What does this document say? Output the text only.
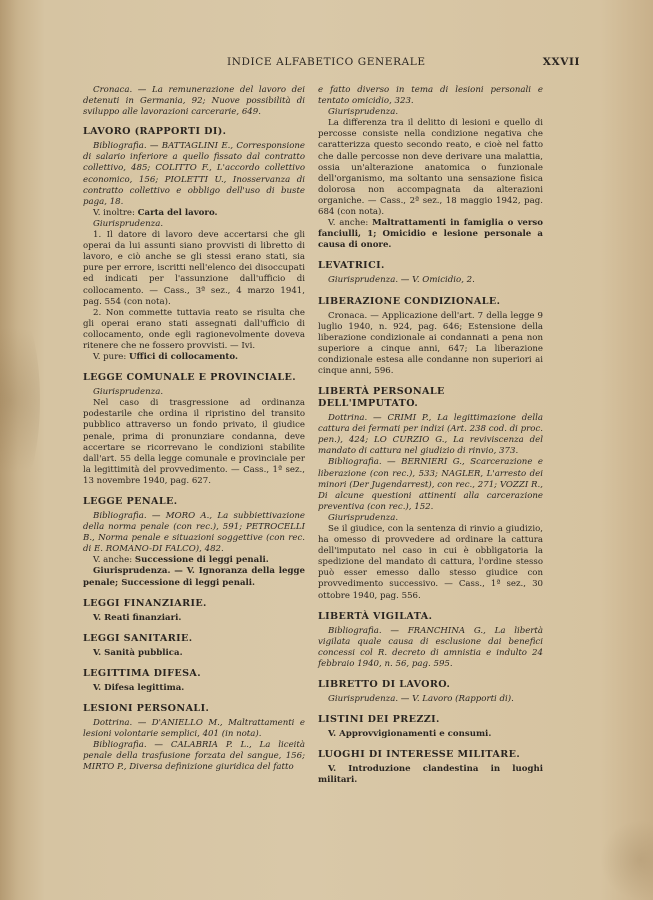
INDICE ALFABETICO GENERALE	XXVII

Cronaca. — La remunerazione del lavoro dei detenuti in Germania, 92; Nuove possibilità di sviluppo alle lavorazioni carcerarie, 649.

LAVORO (RAPPORTI DI).

Bibliografia. — BATTAGLINI E., Corresponsione di salario inferiore a quello fissato dal contratto collettivo, 485; COLITTO F., L'accordo collettivo economico, 156; PIOLETTI U., Inosservanza di contratto collettivo e obbligo dell'uso di buste paga, 18.

V. inoltre: Carta del lavoro.

Giurisprudenza.

1. Il datore di lavoro deve accertarsi che gli operai da lui assunti siano provvisti di libretto di lavoro, e ciò anche se gli stessi erano stati, sia pure per errore, iscritti nell'elenco dei disoccupati ed indicati per l'assunzione dall'ufficio di collocamento. — Cass., 3ª sez., 4 marzo 1941, pag. 554 (con nota).

2. Non commette tuttavia reato se risulta che gli operai erano stati assegnati dall'ufficio di collocamento, onde egli ragionevolmente doveva ritenere che ne fossero provvisti. — Ivi.

V. pure: Uffici di collocamento.

LEGGE COMUNALE E PROVINCIALE.

Giurisprudenza.

Nel caso di trasgressione ad ordinanza podestarile che ordina il ripristino del transito pubblico attraverso un fondo privato, il giudice penale, prima di pronunziare condanna, deve accertare se ricorrevano le condizioni stabilite dall'art. 55 della legge comunale e provinciale per la legittimità del provvedimento. — Cass., 1ª sez., 13 novembre 1940, pag. 627.

LEGGE PENALE.

Bibliografia. — MORO A., La subbiettivazione della norma penale (con rec.), 591; PETROCELLI B., Norma penale e situazioni soggettive (con rec. di E. ROMANO-DI FALCO), 482.

V. anche: Successione di leggi penali.

Giurisprudenza. — V. Ignoranza della legge penale; Successione di leggi penali.

LEGGI FINANZIARIE.

V. Reati finanziari.

LEGGI SANITARIE.

V. Sanità pubblica.

LEGITTIMA DIFESA.

V. Difesa legittima.

LESIONI PERSONALI.

Dottrina. — D'ANIELLO M., Maltrattamenti e lesioni volontarie semplici, 401 (in nota).

Bibliografia. — CALABRIA P. L., La liceità penale della trasfusione forzata del sangue, 156; MIRTO P., Diversa definizione giuridica del fatto

e fatto diverso in tema di lesioni personali e tentato omicidio, 323.

Giurisprudenza.

La differenza tra il delitto di lesioni e quello di percosse consiste nella condizione negativa che caratterizza questo secondo reato, e cioè nel fatto che dalle percosse non deve derivare una malattia, ossia un'alterazione anatomica o funzionale dell'organismo, ma soltanto una sensazione fisica dolorosa non accompagnata da alterazioni organiche. — Cass., 2ª sez., 18 maggio 1942, pag. 684 (con nota).

V. anche: Maltrattamenti in famiglia o verso fanciulli, 1; Omicidio e lesione personale a causa di onore.

LEVATRICI.

Giurisprudenza. — V. Omicidio, 2.

LIBERAZIONE CONDIZIONALE.

Cronaca. — Applicazione dell'art. 7 della legge 9 luglio 1940, n. 924, pag. 646; Estensione della liberazione condizionale ai condannati a pena non superiore a cinque anni, 647; La liberazione condizionale estesa alle condanne non superiori ai cinque anni, 596.

LIBERTÀ PERSONALE DELL'IMPUTATO.

Dottrina. — CRIMI P., La legittimazione della cattura dei fermati per indizi (Art. 238 cod. di proc. pen.), 424; LO CURZIO G., La reviviscenza del mandato di cattura nel giudizio di rinvio, 373.

Bibliografia. — BERNIERI G., Scarcerazione e liberazione (con rec.), 533; NAGLER, L'arresto dei minori (Der Jugendarrest), con rec., 271; VOZZI R., Di alcune questioni attinenti alla carcerazione preventiva (con rec.), 152.

Giurisprudenza.

Se il giudice, con la sentenza di rinvio a giudizio, ha omesso di provvedere ad ordinare la cattura dell'imputato nel caso in cui è obbligatoria la spedizione del mandato di cattura, l'ordine stesso può esser emesso dallo stesso giudice con provvedimento successivo. — Cass., 1ª sez., 30 ottobre 1940, pag. 556.

LIBERTÀ VIGILATA.

Bibliografia. — FRANCHINA G., La libertà vigilata quale causa di esclusione dai benefici concessi col R. decreto di amnistia e indulto 24 febbraio 1940, n. 56, pag. 595.

LIBRETTO DI LAVORO.

Giurisprudenza. — V. Lavoro (Rapporti di).

LISTINI DEI PREZZI.

V. Approvvigionamenti e consumi.

LUOGHI DI INTERESSE MILITARE.

V. Introduzione clandestina in luoghi militari.
